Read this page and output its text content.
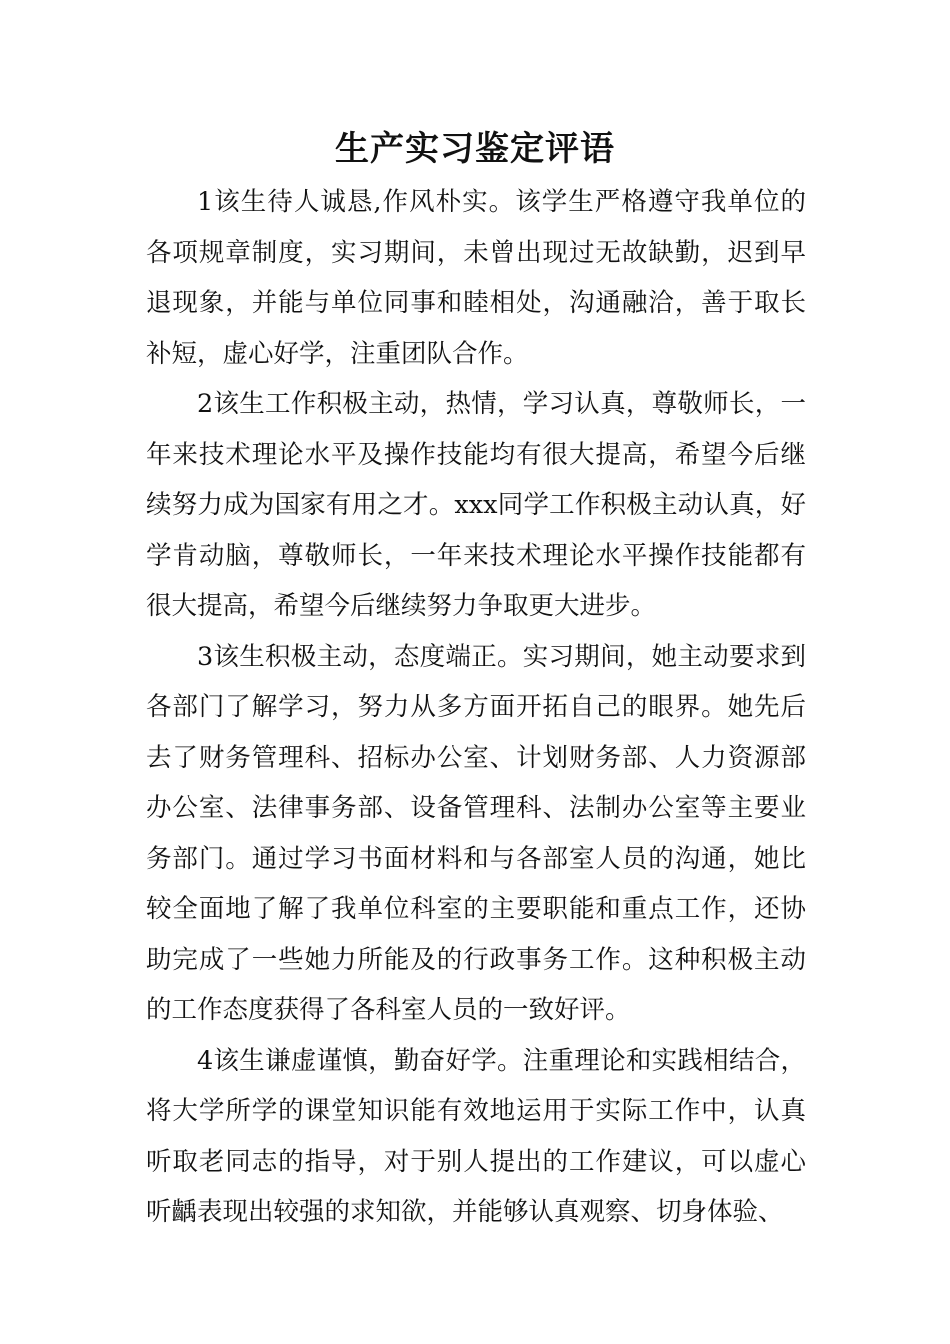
生产实习鉴定评语

1该生待人诚恳,作风朴实。该学生严格遵守我单位的各项规章制度，实习期间，未曾出现过无故缺勤，迟到早退现象，并能与单位同事和睦相处，沟通融洽，善于取长补短，虚心好学，注重团队合作。

2该生工作积极主动，热情，学习认真，尊敬师长，一年来技术理论水平及操作技能均有很大提高，希望今后继续努力成为国家有用之才。xxx同学工作积极主动认真，好学肯动脑，尊敬师长，一年来技术理论水平操作技能都有很大提高，希望今后继续努力争取更大进步。

3该生积极主动，态度端正。实习期间，她主动要求到各部门了解学习，努力从多方面开拓自己的眼界。她先后去了财务管理科、招标办公室、计划财务部、人力资源部办公室、法律事务部、设备管理科、法制办公室等主要业务部门。通过学习书面材料和与各部室人员的沟通，她比较全面地了解了我单位科室的主要职能和重点工作，还协助完成了一些她力所能及的行政事务工作。这种积极主动的工作态度获得了各科室人员的一致好评。

4该生谦虚谨慎，勤奋好学。注重理论和实践相结合，将大学所学的课堂知识能有效地运用于实际工作中，认真听取老同志的指导，对于别人提出的工作建议，可以虚心听齲表现出较强的求知欲，并能够认真观察、切身体验、
